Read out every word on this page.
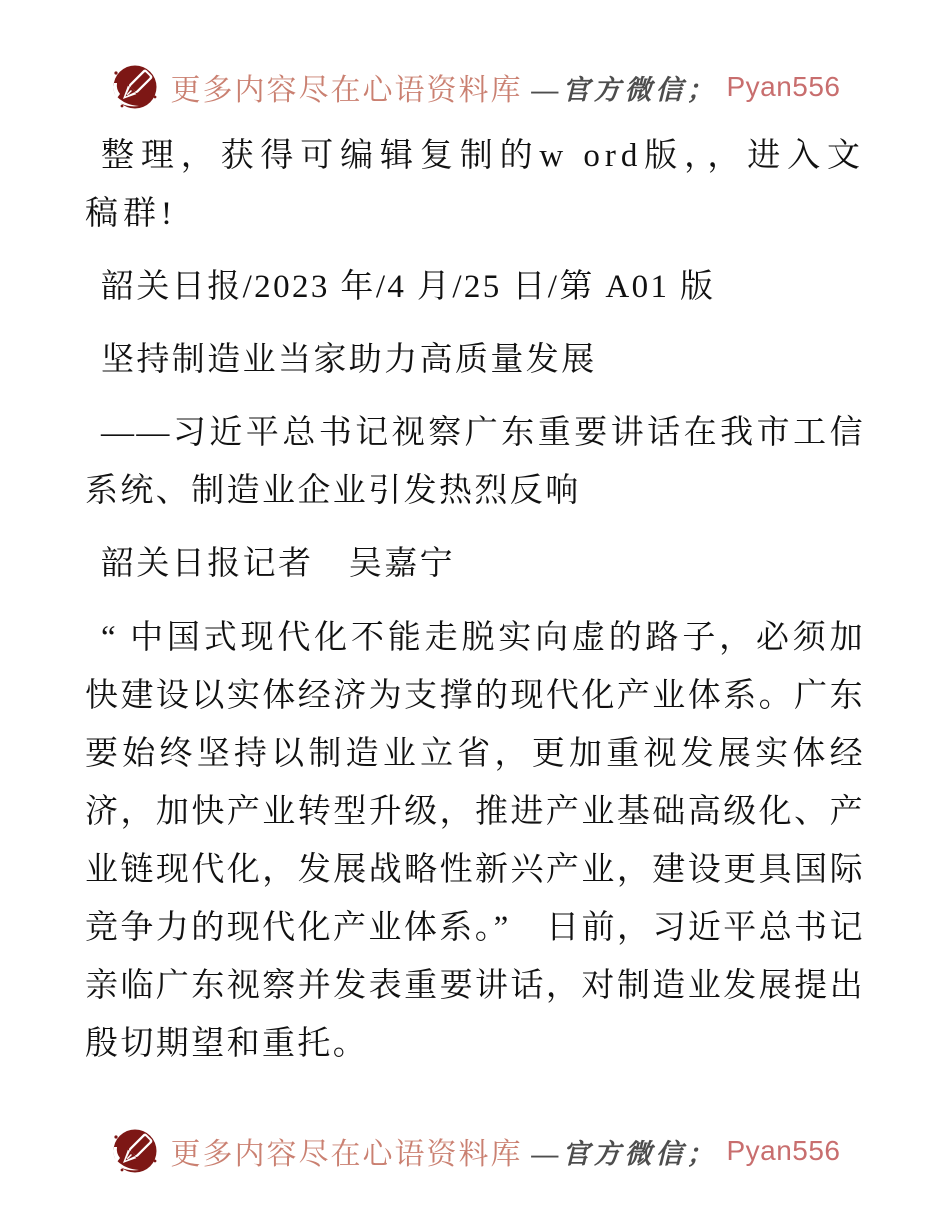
更多内容尽在心语资料库 —官方微信； Pyan556

整理，获得可编辑复制的w ord版，，进入文稿群!

韶关日报/2023 年/4 月/25 日/第 A01 版

坚持制造业当家助力高质量发展

——习近平总书记视察广东重要讲话在我市工信系统、制造业企业引发热烈反响

韶关日报记者　吴嘉宁

“ 中国式现代化不能走脱实向虚的路子，必须加快建设以实体经济为支撑的现代化产业体系。广东要始终坚持以制造业立省，更加重视发展实体经济，加快产业转型升级，推进产业基础高级化、产业链现代化，发展战略性新兴产业，建设更具国际竞争力的现代化产业体系。”　日前，习近平总书记亲临广东视察并发表重要讲话，对制造业发展提出殷切期望和重托。

更多内容尽在心语资料库 —官方微信； Pyan556
